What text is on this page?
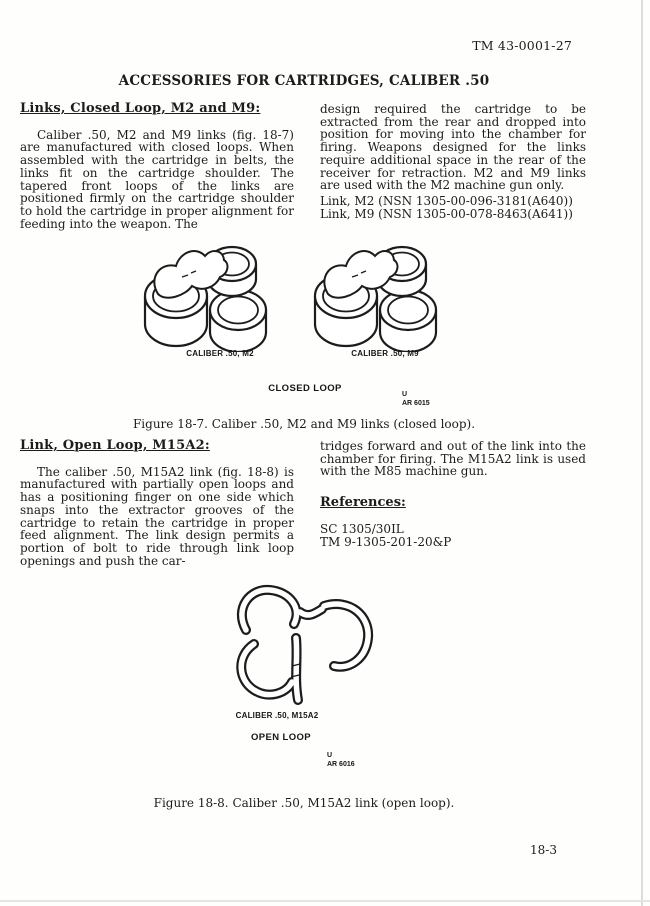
TM 43-0001-27
ACCESSORIES FOR CARTRIDGES, CALIBER .50
Links, Closed Loop, M2 and M9:

Caliber .50, M2 and M9 links (fig. 18-7) are manufactured with closed loops. When assembled with the cartridge in belts, the links fit on the cartridge shoulder. The tapered front loops of the links are positioned firmly on the cartridge shoulder to hold the cartridge in proper alignment for feeding into the weapon. The

design required the cartridge to be extracted from the rear and dropped into position for moving into the chamber for firing. Weapons designed for the links require additional space in the rear of the receiver for retraction. M2 and M9 links are used with the M2 machine gun only.

Link, M2 (NSN 1305-00-096-3181(A640))
Link, M9 (NSN 1305-00-078-8463(A641))
CALIBER .50, M2	CALIBER .50, M9
CLOSED LOOP
U
AR 6015
Figure 18-7. Caliber .50, M2 and M9 links (closed loop).
Link, Open Loop, M15A2:

The caliber .50, M15A2 link (fig. 18-8) is manufactured with partially open loops and has a positioning finger on one side which snaps into the extractor grooves of the cartridge to retain the cartridge in proper feed alignment. The link design permits a portion of bolt to ride through link loop openings and push the car-

tridges forward and out of the link into the chamber for firing. The M15A2 link is used with the M85 machine gun.

References:
SC 1305/30IL
TM 9-1305-201-20&P
CALIBER .50, M15A2
OPEN LOOP
U
AR 6016
Figure 18-8. Caliber .50, M15A2 link (open loop).
18-3
